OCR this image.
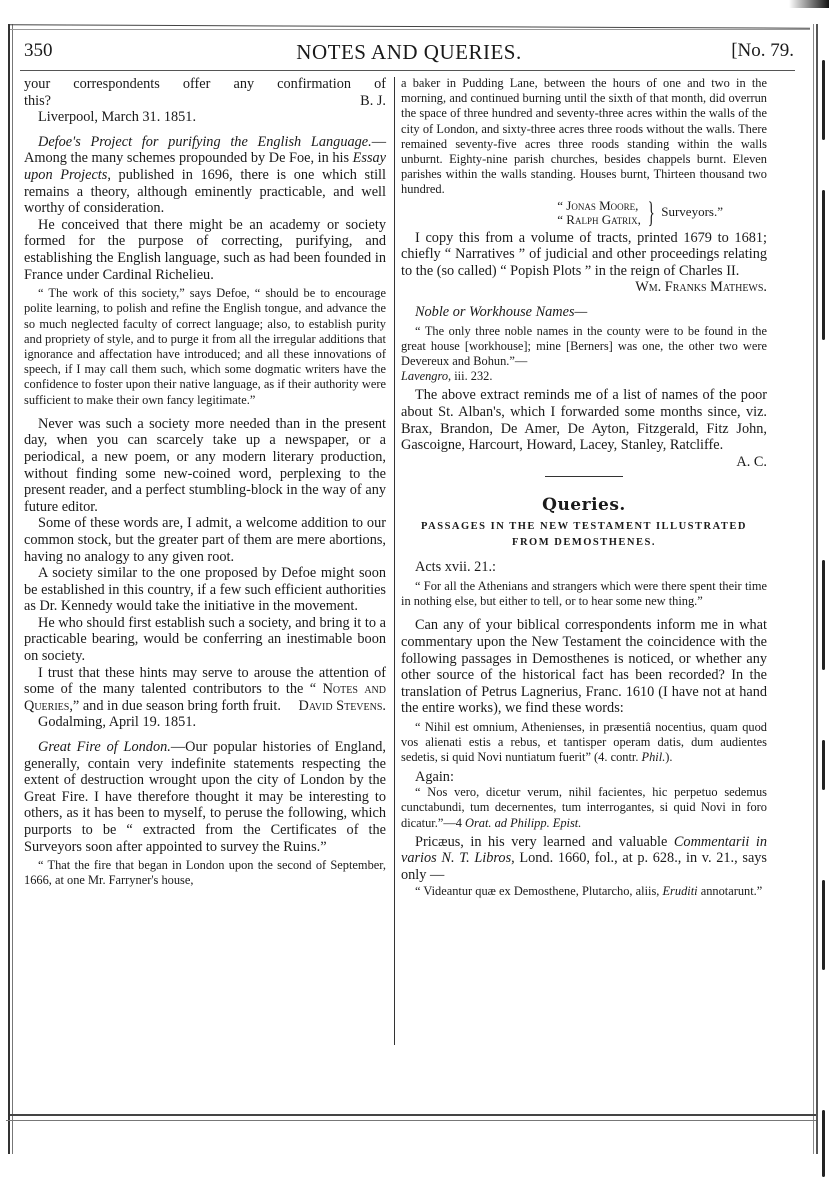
350	NOTES AND QUERIES.	[No. 79.

your correspondents offer any confirmation of

this?	B. J.

Liverpool, March 31. 1851.

Defoe's Project for purifying the English Language.—Among the many schemes propounded by De Foe, in his Essay upon Projects, published in 1696, there is one which still remains a theory, although eminently practicable, and well worthy of consideration.

He conceived that there might be an academy or society formed for the purpose of correcting, purifying, and establishing the English language, such as had been founded in France under Cardinal Richelieu.

“ The work of this society,” says Defoe, “ should be to encourage polite learning, to polish and refine the English tongue, and advance the so much neglected faculty of correct language; also, to establish purity and propriety of style, and to purge it from all the irregular additions that ignorance and affectation have introduced; and all these innovations of speech, if I may call them such, which some dogmatic writers have the confidence to foster upon their native language, as if their authority were sufficient to make their own fancy legitimate.”

Never was such a society more needed than in the present day, when you can scarcely take up a newspaper, or a periodical, a new poem, or any modern literary production, without finding some new-coined word, perplexing to the present reader, and a perfect stumbling-block in the way of any future editor.

Some of these words are, I admit, a welcome addition to our common stock, but the greater part of them are mere abortions, having no analogy to any given root.

A society similar to the one proposed by Defoe might soon be established in this country, if a few such efficient authorities as Dr. Kennedy would take the initiative in the movement.

He who should first establish such a society, and bring it to a practicable bearing, would be conferring an inestimable boon on society.

I trust that these hints may serve to arouse the attention of some of the many talented contributors to the “ Notes and Queries,” and in due season bring forth fruit.	David Stevens.

Godalming, April 19. 1851.

Great Fire of London.—Our popular histories of England, generally, contain very indefinite statements respecting the extent of destruction wrought upon the city of London by the Great Fire. I have therefore thought it may be interesting to others, as it has been to myself, to peruse the following, which purports to be “ extracted from the Certificates of the Surveyors soon after appointed to survey the Ruins.”

“ That the fire that began in London upon the second of September, 1666, at one Mr. Farryner's house,

a baker in Pudding Lane, between the hours of one and two in the morning, and continued burning until the sixth of that month, did overrun the space of three hundred and seventy-three acres within the walls of the city of London, and sixty-three acres three roods without the walls. There remained seventy-five acres three roods standing within the walls unburnt. Eighty-nine parish churches, besides chappels burnt. Eleven parishes within the walls standing. Houses burnt, Thirteen thousand two hundred.

“ Jonas Moore,
“ Ralph Gatrix, } Surveyors.”

I copy this from a volume of tracts, printed 1679 to 1681; chiefly “ Narratives ” of judicial and other proceedings relating to the (so called) “ Popish Plots ” in the reign of Charles II.

Wm. Franks Mathews.

Noble or Workhouse Names—

“ The only three noble names in the county were to be found in the great house [workhouse]; mine [Berners] was one, the other two were Devereux and Bohun.”—
Lavengro, iii. 232.

The above extract reminds me of a list of names of the poor about St. Alban's, which I forwarded some months since, viz. Brax, Brandon, De Amer, De Ayton, Fitzgerald, Fitz John, Gascoigne, Harcourt, Howard, Lacey, Stanley, Ratcliffe.
A. C.

Queries.
PASSAGES IN THE NEW TESTAMENT ILLUSTRATED
FROM DEMOSTHENES.

Acts xvii. 21.:

“ For all the Athenians and strangers which were there spent their time in nothing else, but either to tell, or to hear some new thing.”

Can any of your biblical correspondents inform me in what commentary upon the New Testament the coincidence with the following passages in Demosthenes is noticed, or whether any other source of the historical fact has been recorded? In the translation of Petrus Lagnerius, Franc. 1610 (I have not at hand the entire works), we find these words:

“ Nihil est omnium, Athenienses, in præsentiâ nocentius, quam quod vos alienati estis a rebus, et tantisper operam datis, dum audientes sedetis, si quid Novi nuntiatum fuerit” (4. contr. Phil.).

Again:

“ Nos vero, dicetur verum, nihil facientes, hic perpetuo sedemus cunctabundi, tum decernentes, tum interrogantes, si quid Novi in foro dicatur.”—4 Orat. ad Philipp. Epist.

Pricæus, in his very learned and valuable Commentarii in varios N. T. Libros, Lond. 1660, fol., at p. 628., in v. 21., says only —

“ Videantur quæ ex Demosthene, Plutarcho, aliis, Eruditi annotarunt.”
